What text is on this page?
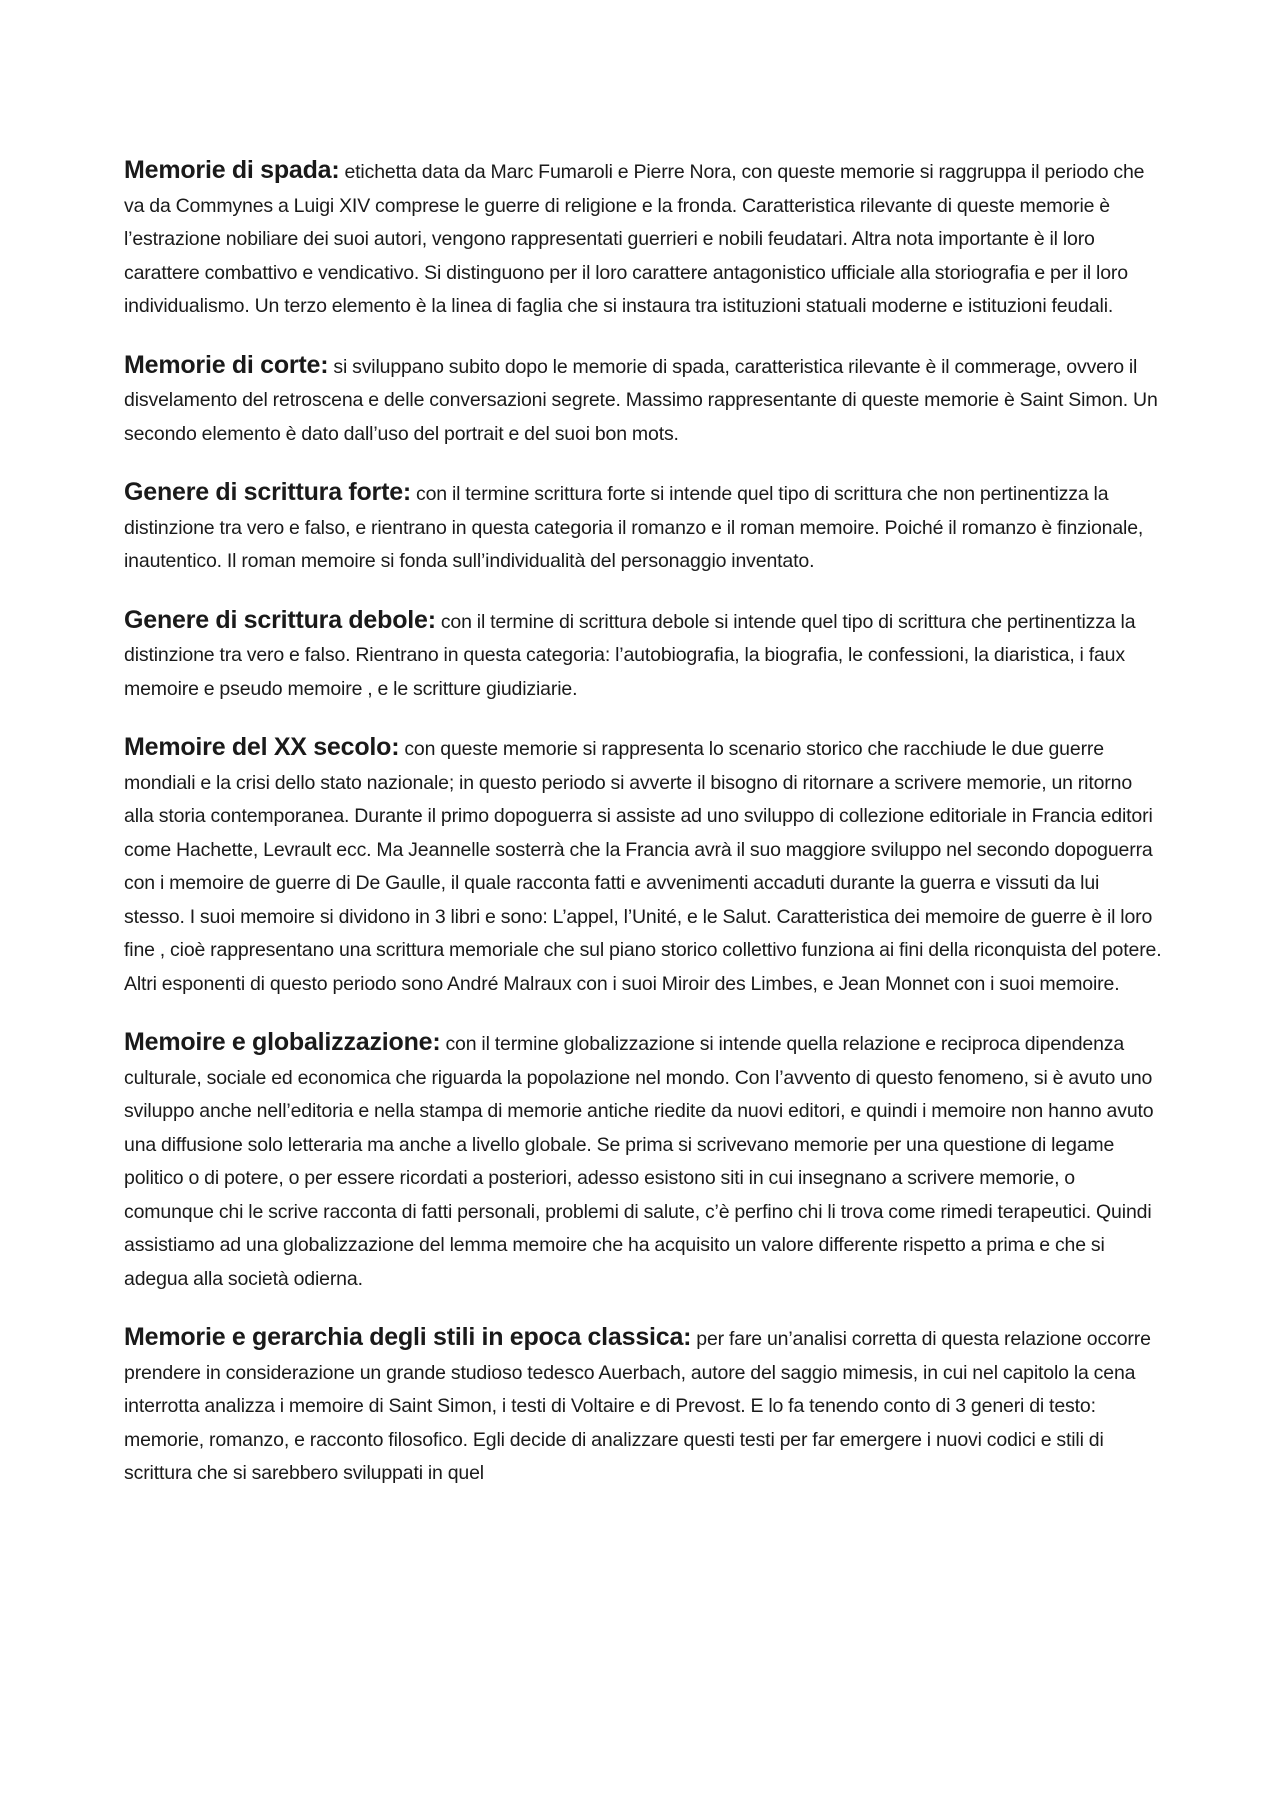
Memorie di spada: etichetta data da Marc Fumaroli e Pierre Nora, con queste memorie si raggruppa il periodo che va da Commynes a Luigi XIV comprese le guerre di religione e la fronda. Caratteristica rilevante di queste memorie è l’estrazione nobiliare dei suoi autori, vengono rappresentati guerrieri e nobili feudatari. Altra nota importante è il loro carattere combattivo e vendicativo. Si distinguono per il loro carattere antagonistico ufficiale alla storiografia e per il loro individualismo. Un terzo elemento è la linea di faglia che si instaura tra istituzioni statuali moderne e istituzioni feudali.

Memorie di corte: si sviluppano subito dopo le memorie di spada, caratteristica rilevante è il commerage, ovvero il disvelamento del retroscena e delle conversazioni segrete. Massimo rappresentante di queste memorie è Saint Simon. Un secondo elemento è dato dall’uso del portrait e del suoi bon mots.

Genere di scrittura forte: con il termine scrittura forte si intende quel tipo di scrittura che non pertinentizza la distinzione tra vero e falso, e rientrano in questa categoria il romanzo e il roman memoire. Poiché il romanzo è finzionale, inautentico. Il roman memoire si fonda sull’individualità del personaggio inventato.

Genere di scrittura debole: con il termine di scrittura debole si intende quel tipo di scrittura che pertinentizza la distinzione tra vero e falso. Rientrano in questa categoria: l’autobiografia, la biografia, le confessioni, la diaristica, i faux memoire e pseudo memoire , e le scritture giudiziarie.

Memoire del XX secolo: con queste memorie si rappresenta lo scenario storico che racchiude le due guerre mondiali e la crisi dello stato nazionale; in questo periodo si avverte il bisogno di ritornare a scrivere memorie, un ritorno alla storia contemporanea. Durante il primo dopoguerra si assiste ad uno sviluppo di collezione editoriale in Francia editori come Hachette, Levrault ecc. Ma Jeannelle sosterrà che la Francia avrà il suo maggiore sviluppo nel secondo dopoguerra con i memoire de guerre di De Gaulle, il quale racconta fatti e avvenimenti accaduti durante la guerra e vissuti da lui stesso. I suoi memoire si dividono in 3 libri e sono: L’appel, l’Unité, e le Salut. Caratteristica dei memoire de guerre è il loro fine , cioè rappresentano una scrittura memoriale che sul piano storico collettivo funziona ai fini della riconquista del potere. Altri esponenti di questo periodo sono André Malraux con i suoi Miroir des Limbes, e Jean Monnet con i suoi memoire.

Memoire e globalizzazione: con il termine globalizzazione si intende quella relazione e reciproca dipendenza culturale, sociale ed economica che riguarda la popolazione nel mondo. Con l’avvento di questo fenomeno, si è avuto uno sviluppo anche nell’editoria e nella stampa di memorie antiche riedite da nuovi editori, e quindi i memoire non hanno avuto una diffusione solo letteraria ma anche a livello globale. Se prima si scrivevano memorie per una questione di legame politico o di potere, o per essere ricordati a posteriori, adesso esistono siti in cui insegnano a scrivere memorie, o comunque chi le scrive racconta di fatti personali, problemi di salute, c’è perfino chi li trova come rimedi terapeutici. Quindi assistiamo ad una globalizzazione del lemma memoire che ha acquisito un valore differente rispetto a prima e che si adegua alla società odierna.

Memorie e gerarchia degli stili in epoca classica: per fare un’analisi corretta di questa relazione occorre prendere in considerazione un grande studioso tedesco Auerbach, autore del saggio mimesis, in cui nel capitolo la cena interrotta analizza i memoire di Saint Simon, i testi di Voltaire e di Prevost. E lo fa tenendo conto di 3 generi di testo: memorie, romanzo, e racconto filosofico. Egli decide di analizzare questi testi per far emergere i nuovi codici e stili di scrittura che si sarebbero sviluppati in quel
